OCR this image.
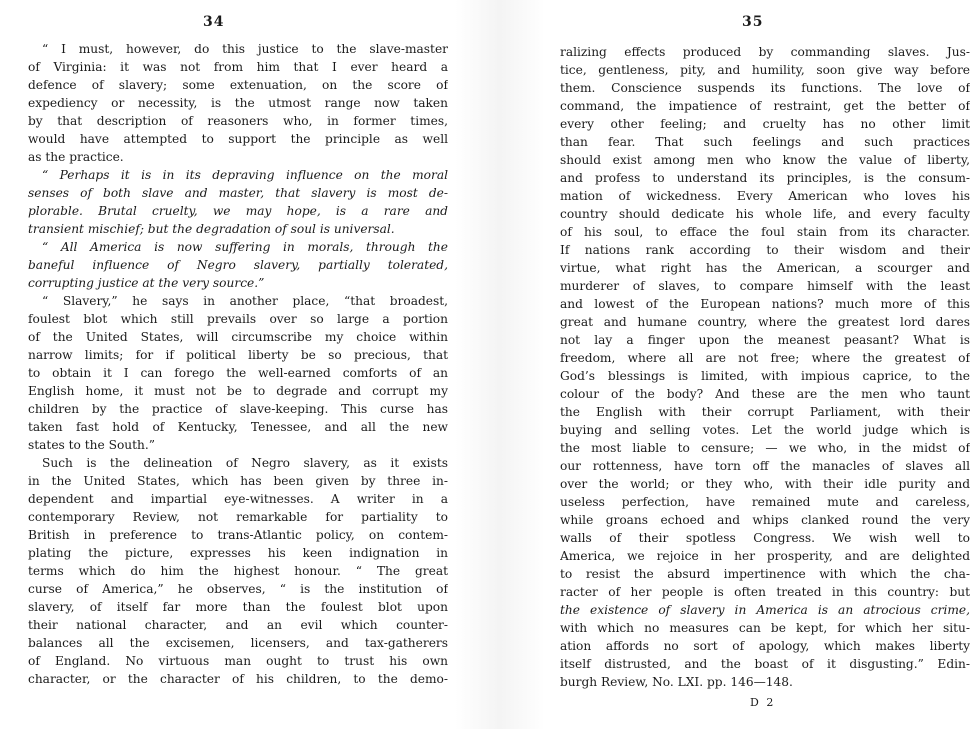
34
“ I must, however, do this justice to the slave-master
of Virginia: it was not from him that I ever heard a
defence of slavery; some extenuation, on the score of
expediency or necessity, is the utmost range now taken
by that description of reasoners who, in former times,
would have attempted to support the principle as well
as the practice.
“ Perhaps it is in its depraving influence on the moral
senses of both slave and master, that slavery is most de-
plorable. Brutal cruelty, we may hope, is a rare and
transient mischief; but the degradation of soul is universal.
“ All America is now suffering in morals, through the
baneful influence of Negro slavery, partially tolerated,
corrupting justice at the very source.”
“ Slavery,” he says in another place, “that broadest,
foulest blot which still prevails over so large a portion
of the United States, will circumscribe my choice within
narrow limits; for if political liberty be so precious, that
to obtain it I can forego the well-earned comforts of an
English home, it must not be to degrade and corrupt my
children by the practice of slave-keeping. This curse has
taken fast hold of Kentucky, Tenessee, and all the new
states to the South.”
Such is the delineation of Negro slavery, as it exists
in the United States, which has been given by three in-
dependent and impartial eye-witnesses. A writer in a
contemporary Review, not remarkable for partiality to
British in preference to trans-Atlantic policy, on contem-
plating the picture, expresses his keen indignation in
terms which do him the highest honour. “ The great
curse of America,” he observes, “ is the institution of
slavery, of itself far more than the foulest blot upon
their national character, and an evil which counter-
balances all the excisemen, licensers, and tax-gatherers
of England. No virtuous man ought to trust his own
character, or the character of his children, to the demo-
35
ralizing effects produced by commanding slaves. Jus-
tice, gentleness, pity, and humility, soon give way before
them. Conscience suspends its functions. The love of
command, the impatience of restraint, get the better of
every other feeling; and cruelty has no other limit
than fear. That such feelings and such practices
should exist among men who know the value of liberty,
and profess to understand its principles, is the consum-
mation of wickedness. Every American who loves his
country should dedicate his whole life, and every faculty
of his soul, to efface the foul stain from its character.
If nations rank according to their wisdom and their
virtue, what right has the American, a scourger and
murderer of slaves, to compare himself with the least
and lowest of the European nations? much more of this
great and humane country, where the greatest lord dares
not lay a finger upon the meanest peasant? What is
freedom, where all are not free; where the greatest of
God’s blessings is limited, with impious caprice, to the
colour of the body? And these are the men who taunt
the English with their corrupt Parliament, with their
buying and selling votes. Let the world judge which is
the most liable to censure; — we who, in the midst of
our rottenness, have torn off the manacles of slaves all
over the world; or they who, with their idle purity and
useless perfection, have remained mute and careless,
while groans echoed and whips clanked round the very
walls of their spotless Congress. We wish well to
America, we rejoice in her prosperity, and are delighted
to resist the absurd impertinence with which the cha-
racter of her people is often treated in this country: but
the existence of slavery in America is an atrocious crime,
with which no measures can be kept, for which her situ-
ation affords no sort of apology, which makes liberty
itself distrusted, and the boast of it disgusting.” Edin-
burgh Review, No. LXI. pp. 146—148.
D 2
